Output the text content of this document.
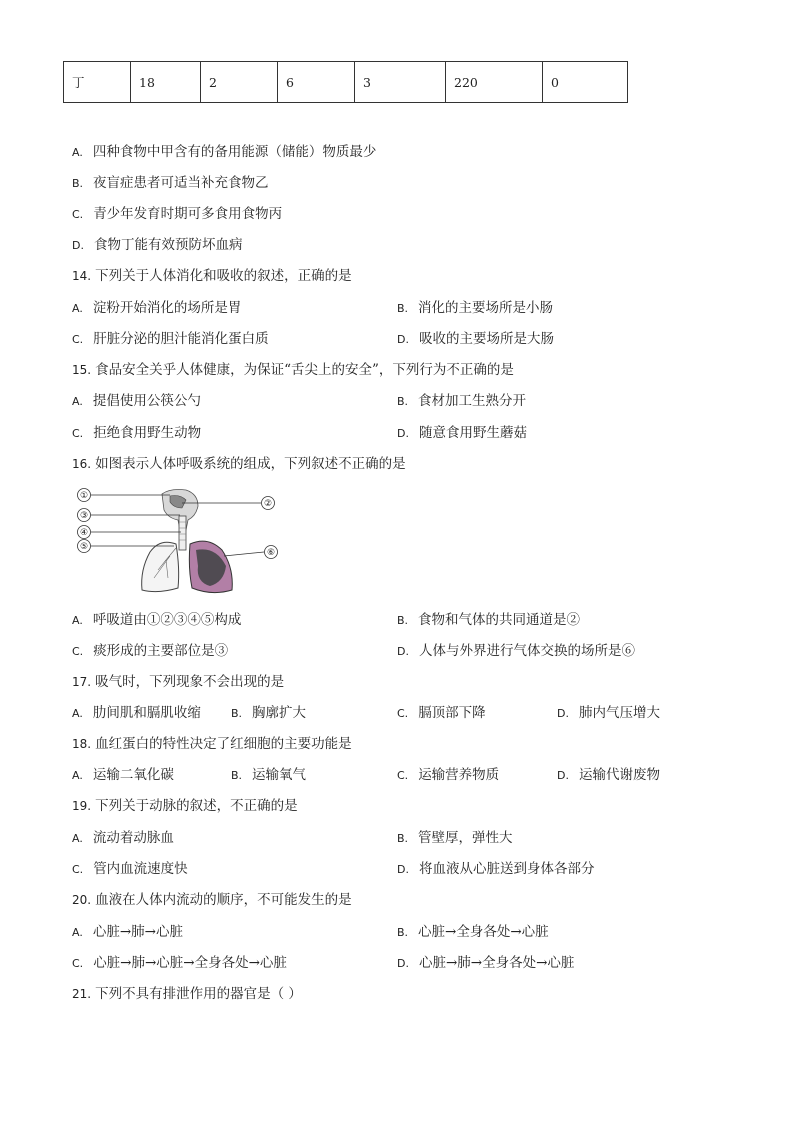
丁	18	2	6	3	220	0
A. 四种食物中甲含有的备用能源（储能）物质最少
B. 夜盲症患者可适当补充食物乙
C. 青少年发育时期可多食用食物丙
D. 食物丁能有效预防坏血病
14. 下列关于人体消化和吸收的叙述，正确的是
A. 淀粉开始消化的场所是胃	B. 消化的主要场所是小肠
C. 肝脏分泌的胆汁能消化蛋白质	D. 吸收的主要场所是大肠
15. 食品安全关乎人体健康，为保证“舌尖上的安全”，下列行为不正确的是
A. 提倡使用公筷公勺	B. 食材加工生熟分开
C. 拒绝食用野生动物	D. 随意食用野生蘑菇
16. 如图表示人体呼吸系统的组成，下列叙述不正确的是
①
②
③
④
⑤
⑥
A. 呼吸道由①②③④⑤构成	B. 食物和气体的共同通道是②
C. 痰形成的主要部位是③	D. 人体与外界进行气体交换的场所是⑥
17. 吸气时，下列现象不会出现的是
A. 肋间肌和膈肌收缩	B. 胸廓扩大	C. 膈顶部下降	D. 肺内气压增大
18. 血红蛋白的特性决定了红细胞的主要功能是
A. 运输二氧化碳	B. 运输氧气	C. 运输营养物质	D. 运输代谢废物
19. 下列关于动脉的叙述，不正确的是
A. 流动着动脉血	B. 管壁厚，弹性大
C. 管内血流速度快	D. 将血液从心脏送到身体各部分
20. 血液在人体内流动的顺序，不可能发生的是
A. 心脏→肺→心脏	B. 心脏→全身各处→心脏
C. 心脏→肺→心脏→全身各处→心脏	D. 心脏→肺→全身各处→心脏
21. 下列不具有排泄作用的器官是（ ）
